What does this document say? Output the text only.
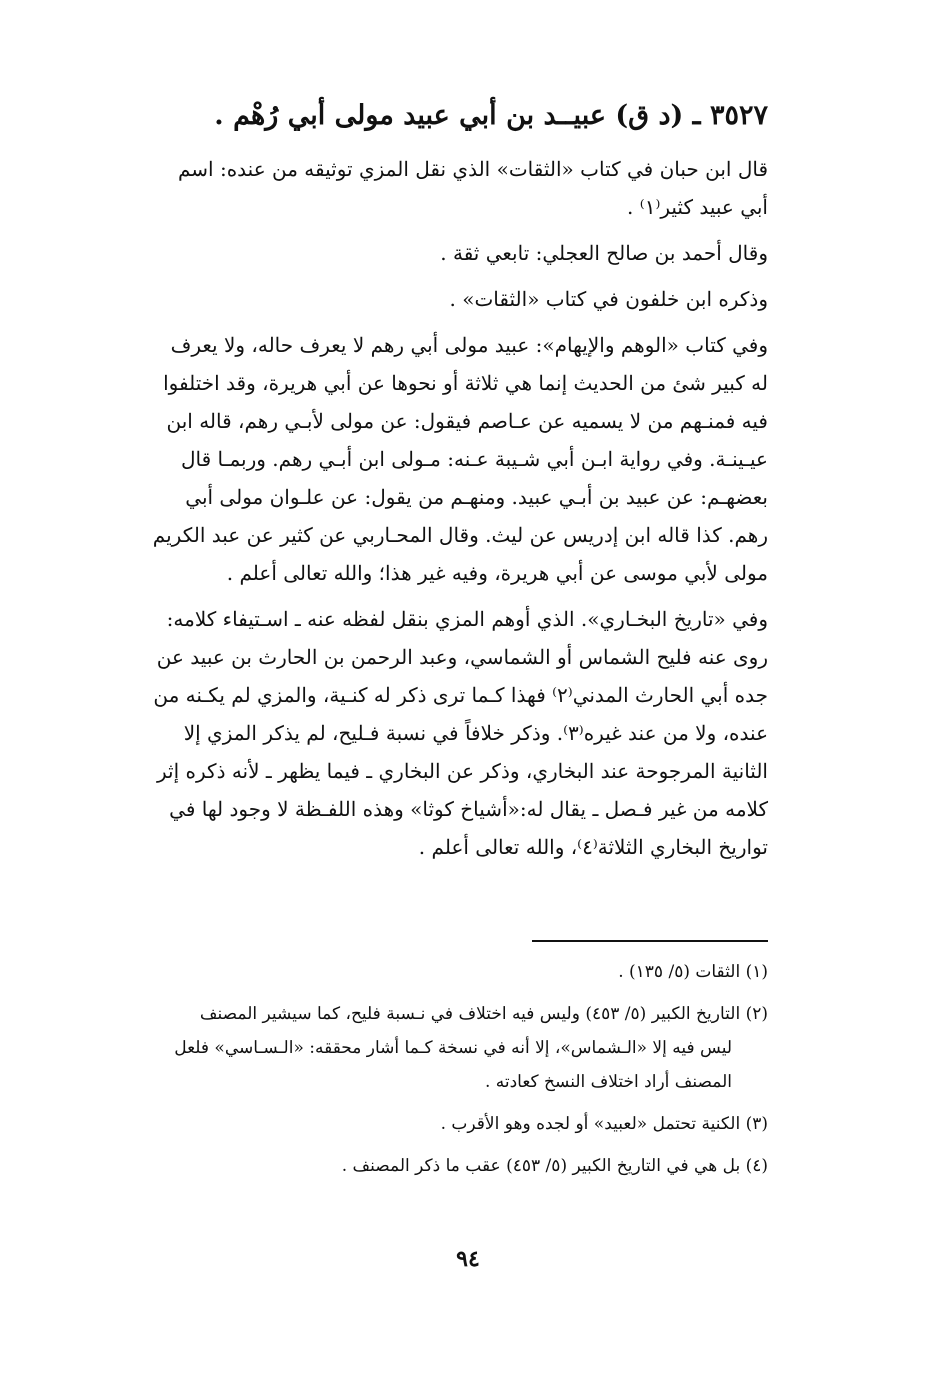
٣٥٢٧ ـ (د ق) عبيــد بن أبي عبيد مولى أبي رُهْم .
قال ابن حبان في كتاب «الثقات» الذي نقل المزي توثيقه من عنده: اسم
أبي عبيد كثير⁽١⁾ .
وقال أحمد بن صالح العجلي: تابعي ثقة .
وذكره ابن خلفون في كتاب «الثقات» .
وفي كتاب «الوهم والإيهام»: عبيد مولى أبي رهم لا يعرف حاله، ولا يعرف
له كبير شئ من الحديث إنما هي ثلاثة أو نحوها عن أبي هريرة، وقد اختلفوا
فيه فمنـهم من لا يسميه عن عـاصم فيقول: عن مولى لأبـي رهم، قاله ابن
عيـينـة. وفي رواية ابـن أبي شـيبة عـنه: مـولى ابن أبـي رهم. وربمـا قال
بعضهـم: عن عبيد بن أبـي عبيد. ومنهـم من يقول: عن علـوان مولى أبي
رهم. كذا قاله ابن إدريس عن ليث. وقال المحـاربي عن كثير عن عبد الكريم
مولى لأبي موسى عن أبي هريرة، وفيه غير هذا؛ والله تعالى أعلم .
وفي «تاريخ البخـاري». الذي أوهم المزي بنقل لفظه عنه ـ اسـتيفاء كلامه:
روى عنه فليح الشماس أو الشماسي، وعبد الرحمن بن الحارث بن عبيد عن
جده أبي الحارث المدني⁽٢⁾ فهذا كـما ترى ذكر له كنـية، والمزي لم يكـنه من
عنده، ولا من عند غيره⁽٣⁾. وذكر خلافاً في نسبة فـليح، لم يذكر المزي إلا
الثانية المرجوحة عند البخاري، وذكر عن البخاري ـ فيما يظهر ـ لأنه ذكره إثر
كلامه من غير فـصل ـ يقال له:«أشياخ كوثا» وهذه اللفـظة لا وجود لها في
تواريخ البخاري الثلاثة⁽٤⁾، والله تعالى أعلم .
(١) الثقات (٥/ ١٣٥) .
(٢) التاريخ الكبير (٥/ ٤٥٣) وليس فيه اختلاف في نـسبة فليح، كما سيشير المصنف
ليس فيه إلا «الـشماس»، إلا أنه في نسخة كـما أشار محققه: «الـسـاسي» فلعل
المصنف أراد اختلاف النسخ كعادته .
(٣) الكنية تحتمل «لعبيد» أو لجده وهو الأقرب .
(٤) بل هي في التاريخ الكبير (٥/ ٤٥٣) عقب ما ذكر المصنف .
٩٤
